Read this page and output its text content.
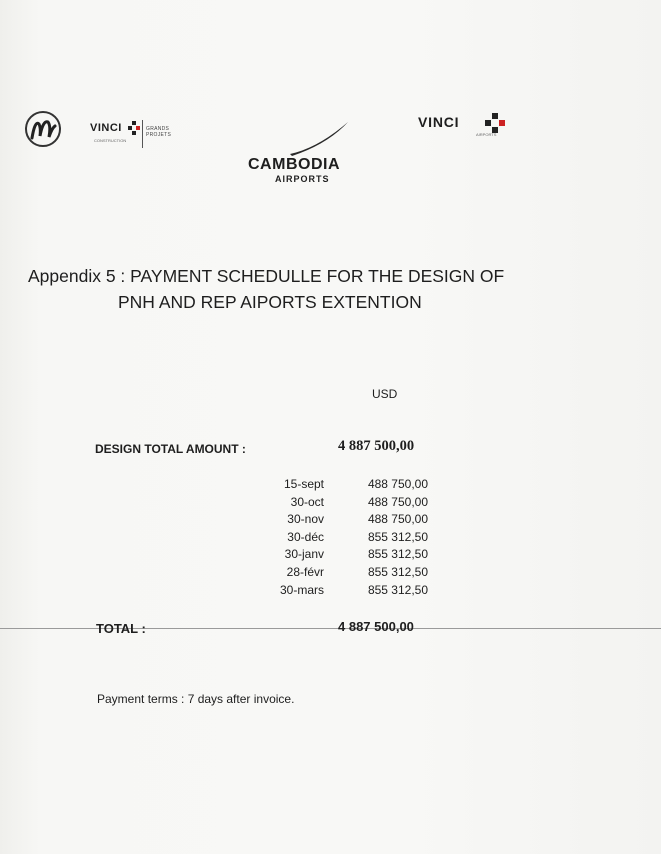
VINCI
CONSTRUCTION
GRANDS PROJETS
CAMBODIA
AIRPORTS
VINCI
AIRPORTS
Appendix 5 : PAYMENT SCHEDULLE FOR THE DESIGN OF
PNH AND REP AIPORTS EXTENTION
USD
DESIGN TOTAL AMOUNT :	4 887 500,00
15-sept	488 750,00
30-oct	488 750,00
30-nov	488 750,00
30-déc	855 312,50
30-janv	855 312,50
28-févr	855 312,50
30-mars	855 312,50
TOTAL :	4 887 500,00
Payment terms : 7 days after invoice.
